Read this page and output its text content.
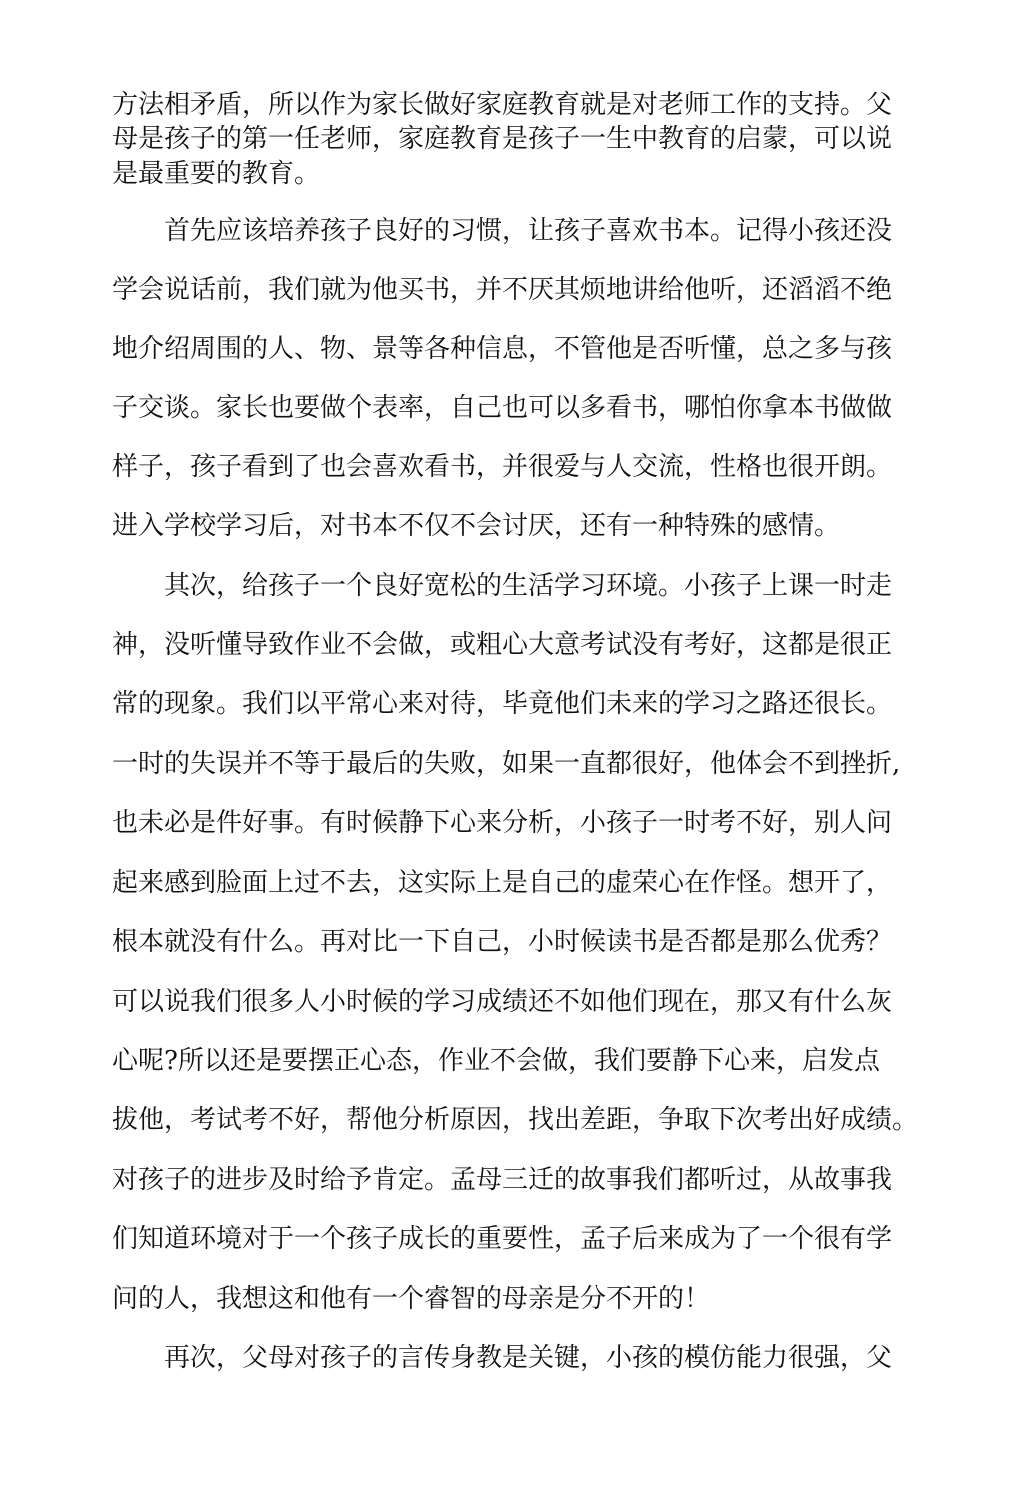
方法相矛盾，所以作为家长做好家庭教育就是对老师工作的支持。父
母是孩子的第一任老师，家庭教育是孩子一生中教育的启蒙，可以说
是最重要的教育。
首先应该培养孩子良好的习惯，让孩子喜欢书本。记得小孩还没
学会说话前，我们就为他买书，并不厌其烦地讲给他听，还滔滔不绝
地介绍周围的人、物、景等各种信息，不管他是否听懂，总之多与孩
子交谈。家长也要做个表率，自己也可以多看书，哪怕你拿本书做做
样子，孩子看到了也会喜欢看书，并很爱与人交流，性格也很开朗。
进入学校学习后，对书本不仅不会讨厌，还有一种特殊的感情。
其次，给孩子一个良好宽松的生活学习环境。小孩子上课一时走
神，没听懂导致作业不会做，或粗心大意考试没有考好，这都是很正
常的现象。我们以平常心来对待，毕竟他们未来的学习之路还很长。
一时的失误并不等于最后的失败，如果一直都很好，他体会不到挫折,
也未必是件好事。有时候静下心来分析，小孩子一时考不好，别人问
起来感到脸面上过不去，这实际上是自己的虚荣心在作怪。想开了，
根本就没有什么。再对比一下自己，小时候读书是否都是那么优秀？
可以说我们很多人小时候的学习成绩还不如他们现在，那又有什么灰
心呢?所以还是要摆正心态，作业不会做，我们要静下心来，启发点
拔他，考试考不好，帮他分析原因，找出差距，争取下次考出好成绩。
对孩子的进步及时给予肯定。孟母三迁的故事我们都听过，从故事我
们知道环境对于一个孩子成长的重要性，孟子后来成为了一个很有学
问的人，我想这和他有一个睿智的母亲是分不开的！
再次，父母对孩子的言传身教是关键，小孩的模仿能力很强，父
